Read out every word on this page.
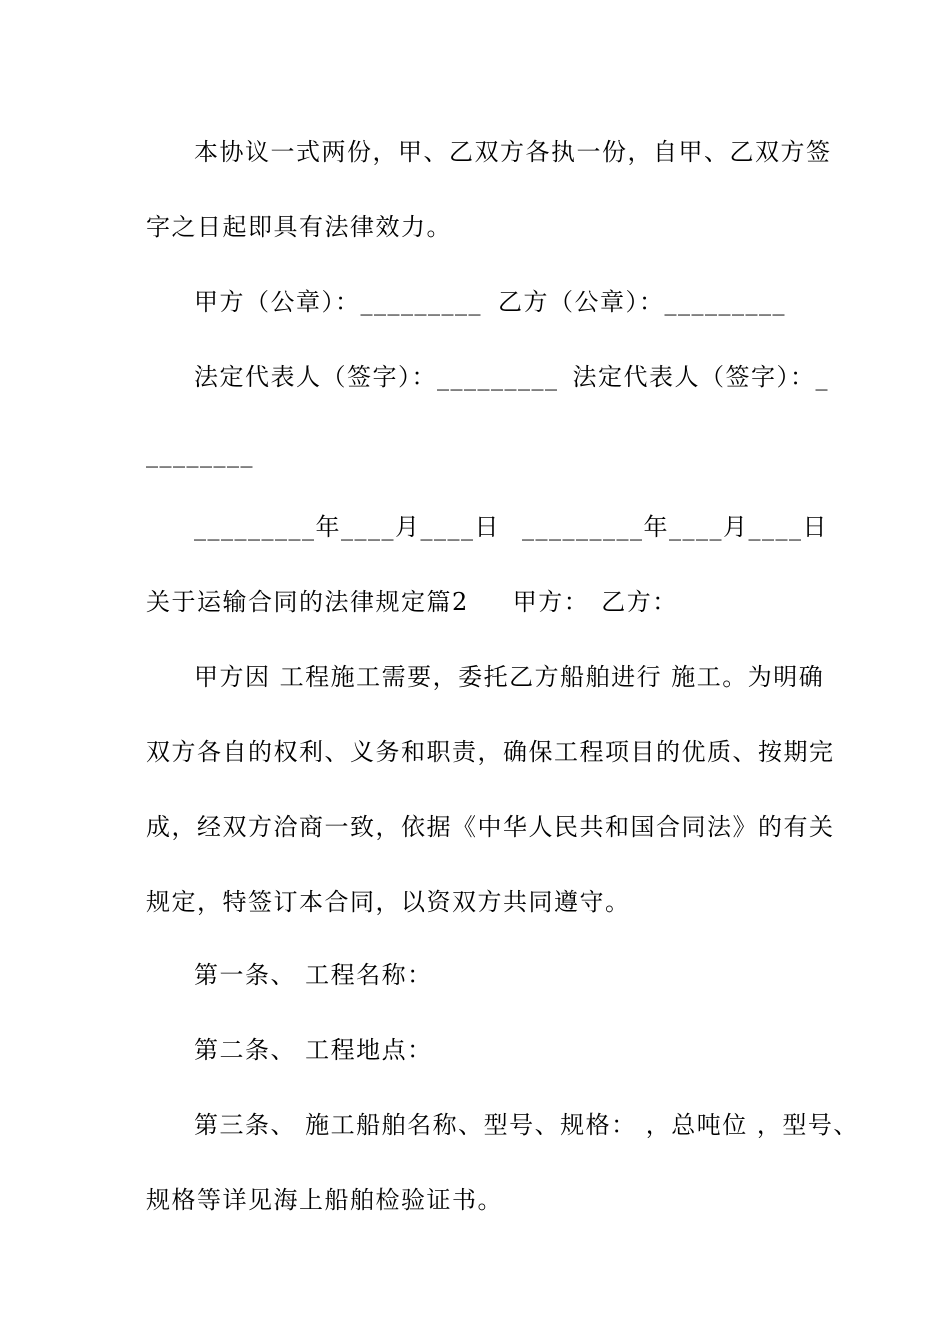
本协议一式两份，甲、乙双方各执一份，自甲、乙双方签
字之日起即具有法律效力。
甲方（公章）：_________ 乙方（公章）：_________
法定代表人（签字）：_________ 法定代表人（签字）：_
________
_________年____月____日 _________年____月____日
关于运输合同的法律规定篇2 甲方： 乙方：
甲方因 工程施工需要，委托乙方船舶进行 施工。为明确
双方各自的权利、义务和职责，确保工程项目的优质、按期完
成，经双方洽商一致，依据《中华人民共和国合同法》的有关
规定，特签订本合同，以资双方共同遵守。
第一条、 工程名称：
第二条、 工程地点：
第三条、 施工船舶名称、型号、规格： ，总吨位 ，型号、
规格等详见海上船舶检验证书。
